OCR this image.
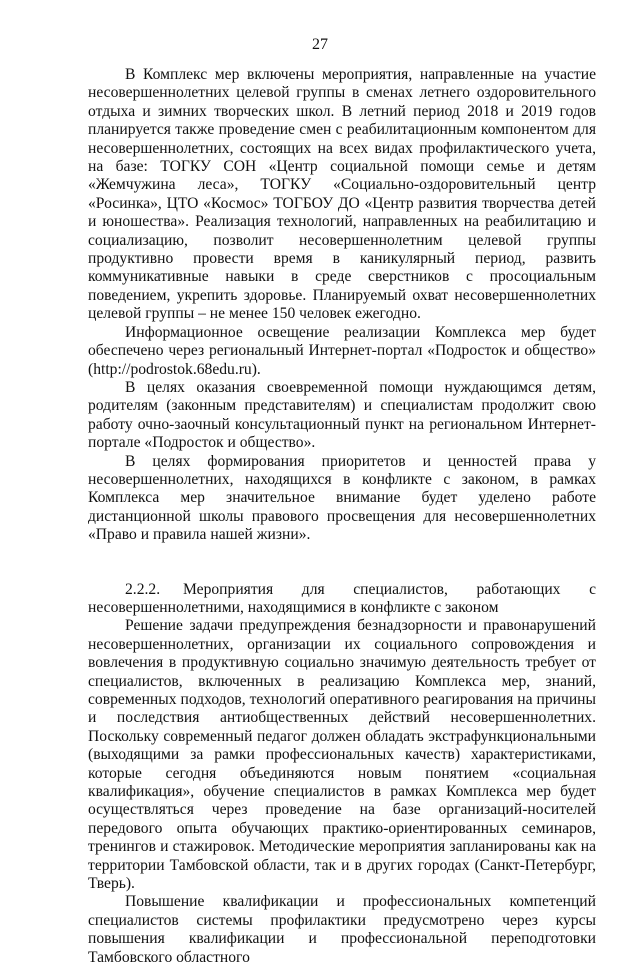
27

В Комплекс мер включены мероприятия, направленные на участие несовершеннолетних целевой группы в сменах летнего оздоровительного отдыха и зимних творческих школ. В летний период 2018 и 2019 годов планируется также проведение смен с реабилитационным компонентом для несовершеннолетних, состоящих на всех видах профилактического учета, на базе: ТОГКУ СОН «Центр социальной помощи семье и детям «Жемчужина леса», ТОГКУ «Социально-оздоровительный центр «Росинка», ЦТО «Космос» ТОГБОУ ДО «Центр развития творчества детей и юношества». Реализация технологий, направленных на реабилитацию и социализацию, позволит несовершеннолетним целевой группы продуктивно провести время в каникулярный период, развить коммуникативные навыки в среде сверстников с просоциальным поведением, укрепить здоровье. Планируемый охват несовершеннолетних целевой группы – не менее 150 человек ежегодно.

Информационное освещение реализации Комплекса мер будет обеспечено через региональный Интернет-портал «Подросток и общество» (http://podrostok.68edu.ru).

В целях оказания своевременной помощи нуждающимся детям, родителям (законным представителям) и специалистам продолжит свою работу очно-заочный консультационный пункт на региональном Интернет-портале «Подросток и общество».

В целях формирования приоритетов и ценностей права у несовершеннолетних, находящихся в конфликте с законом, в рамках Комплекса мер значительное внимание будет уделено работе дистанционной школы правового просвещения для несовершеннолетних «Право и правила нашей жизни».

2.2.2. Мероприятия для специалистов, работающих с несовершеннолетними, находящимися в конфликте с законом

Решение задачи предупреждения безнадзорности и правонарушений несовершеннолетних, организации их социального сопровождения и вовлечения в продуктивную социально значимую деятельность требует от специалистов, включенных в реализацию Комплекса мер, знаний, современных подходов, технологий оперативного реагирования на причины и последствия антиобщественных действий несовершеннолетних. Поскольку современный педагог должен обладать экстрафункциональными (выходящими за рамки профессиональных качеств) характеристиками, которые сегодня объединяются новым понятием «социальная квалификация», обучение специалистов в рамках Комплекса мер будет осуществляться через проведение на базе организаций-носителей передового опыта обучающих практико-ориентированных семинаров, тренингов и стажировок. Методические мероприятия запланированы как на территории Тамбовской области, так и в других городах (Санкт-Петербург, Тверь).

Повышение квалификации и профессиональных компетенций специалистов системы профилактики предусмотрено через курсы повышения квалификации и профессиональной переподготовки Тамбовского областного
